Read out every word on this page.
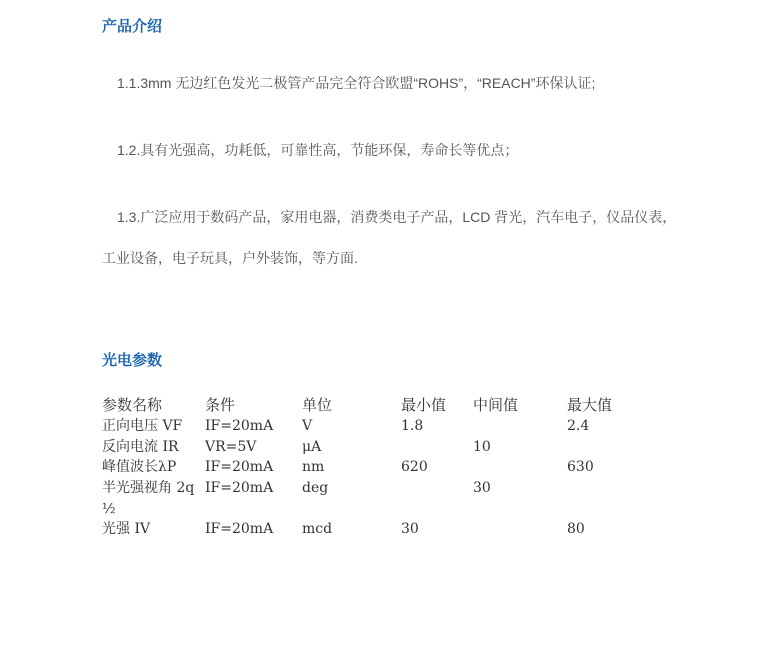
产品介绍

1.1.3mm 无边红色发光二极管产品完全符合欧盟“ROHS”，“REACH”环保认证;

1.2.具有光强高，功耗低，可靠性高，节能环保，寿命长等优点；

1.3.广泛应用于数码产品，家用电器，消费类电子产品，LCD 背光，汽车电子，仪品仪表，

工业设备，电子玩具，户外装饰，等方面.

光电参数
参数名称	条件	单位	最小值	中间值	最大值
正向电压 VF	IF=20mA	V	1.8		2.4
反向电流 IR	VR=5V	μA		10	
峰值波长λP	IF=20mA	nm	620		630
半光强视角 2q½	IF=20mA	deg		30	
光强 IV	IF=20mA	mcd	30		80
